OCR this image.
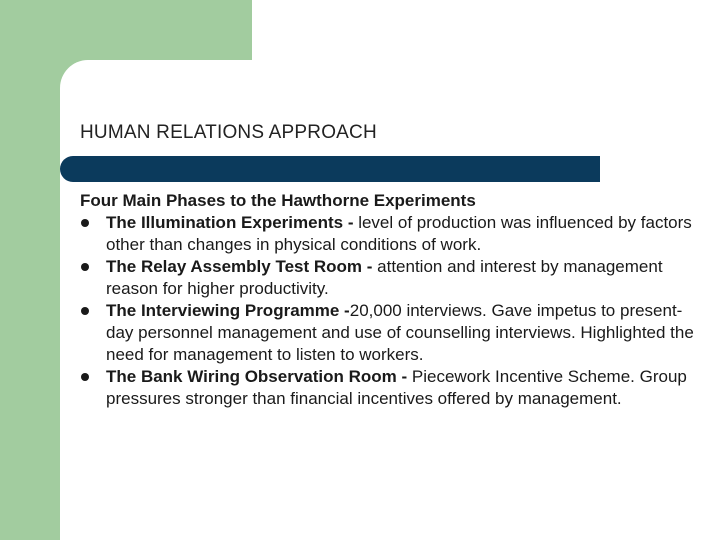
HUMAN RELATIONS APPROACH
Four Main Phases to the Hawthorne Experiments
The Illumination Experiments - level of production was influenced by factors other than changes in physical conditions of work.
The Relay Assembly Test Room - attention and interest by management reason for higher productivity.
The Interviewing Programme -20,000 interviews. Gave impetus to present-day personnel management and use of counselling interviews. Highlighted the need for management to listen to workers.
The Bank Wiring Observation Room - Piecework Incentive Scheme. Group pressures stronger than financial incentives offered by management.
